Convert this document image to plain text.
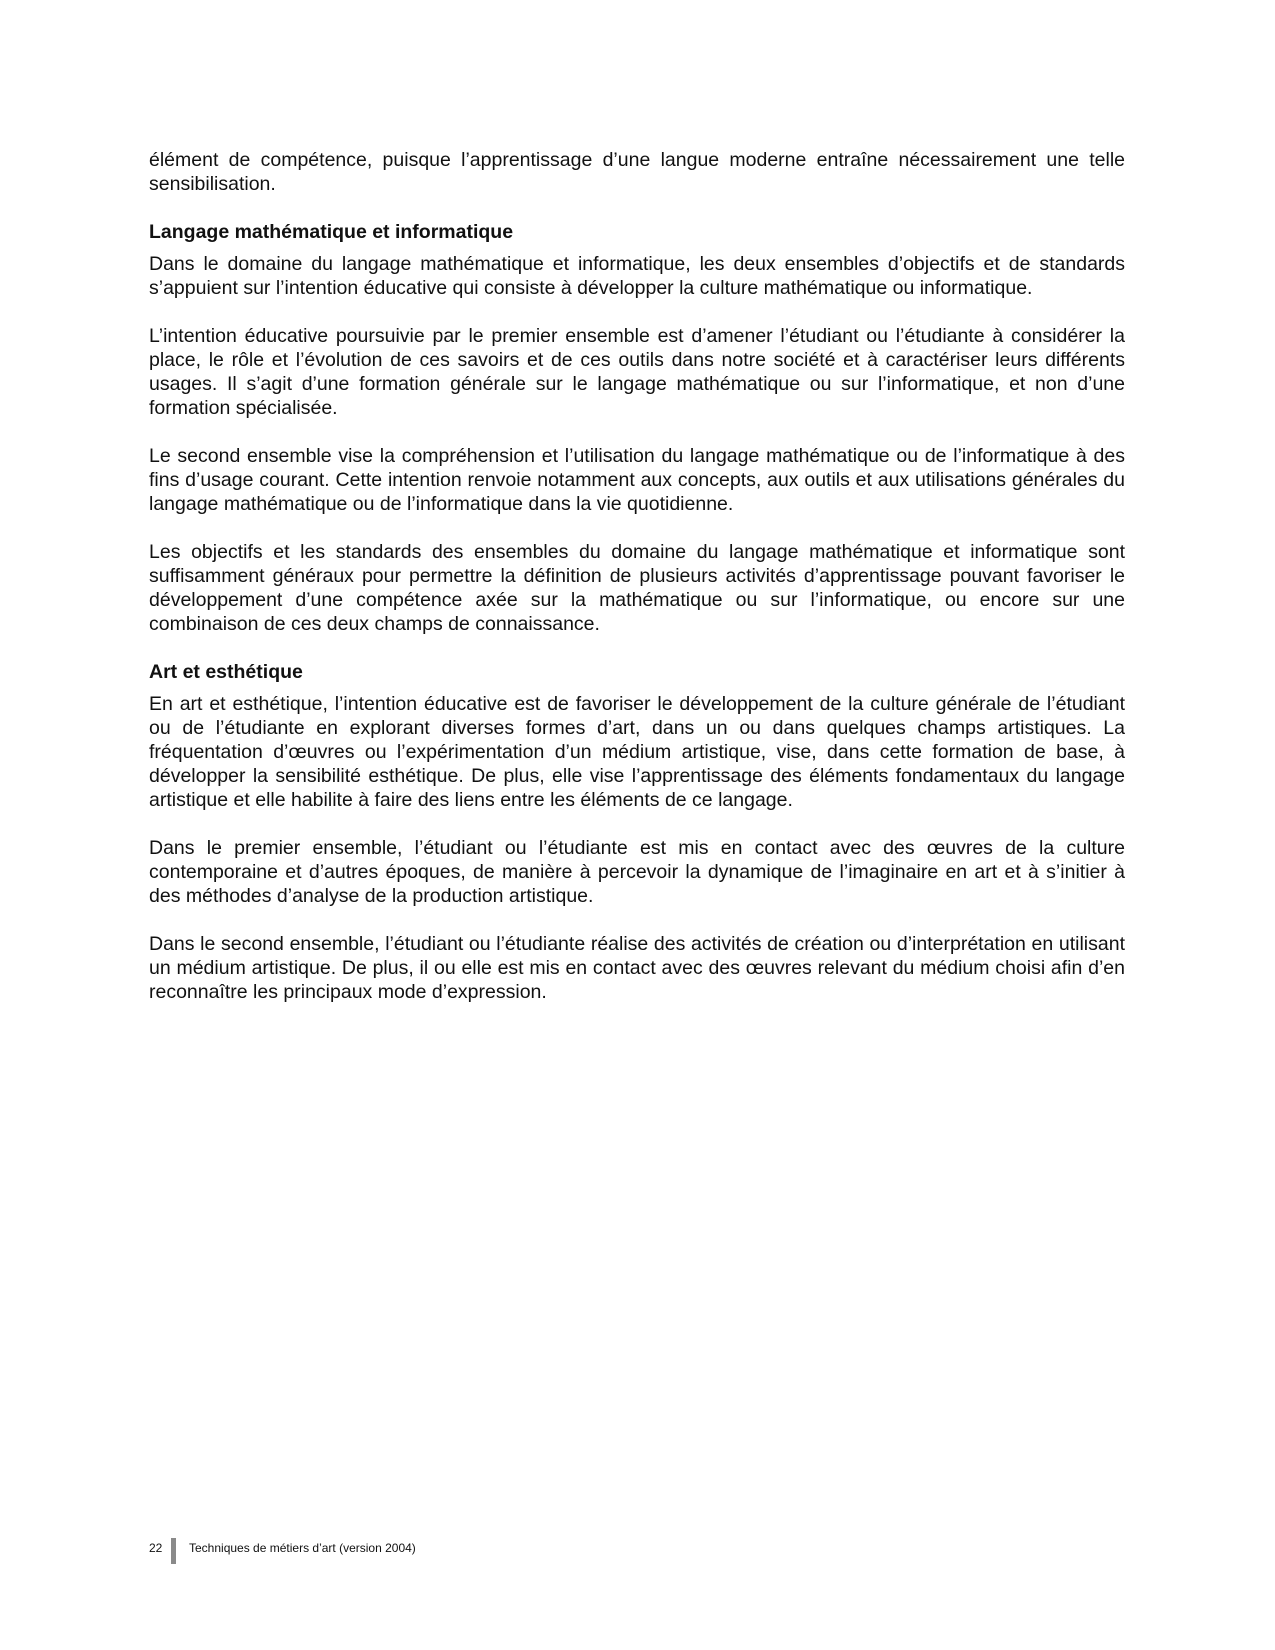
élément de compétence, puisque l’apprentissage d’une langue moderne entraîne nécessairement une telle sensibilisation.

Langage mathématique et informatique

Dans le domaine du langage mathématique et informatique, les deux ensembles d’objectifs et de standards s’appuient sur l’intention éducative qui consiste à développer la culture mathématique ou informatique.

L’intention éducative poursuivie par le premier ensemble est d’amener l’étudiant ou l’étudiante à considérer la place, le rôle et l’évolution de ces savoirs et de ces outils dans notre société et à caractériser leurs différents usages. Il s’agit d’une formation générale sur le langage mathématique ou sur l’informatique, et non d’une formation spécialisée.

Le second ensemble vise la compréhension et l’utilisation du langage mathématique ou de l’informatique à des fins d’usage courant. Cette intention renvoie notamment aux concepts, aux outils et aux utilisations générales du langage mathématique ou de l’informatique dans la vie quotidienne.

Les objectifs et les standards des ensembles du domaine du langage mathématique et informatique sont suffisamment généraux pour permettre la définition de plusieurs activités d’apprentissage pouvant favoriser le développement d’une compétence axée sur la mathématique ou sur l’informatique, ou encore sur une combinaison de ces deux champs de connaissance.

Art et esthétique

En art et esthétique, l’intention éducative est de favoriser le développement de la culture générale de l’étudiant ou de l’étudiante en explorant diverses formes d’art, dans un ou dans quelques champs artistiques. La fréquentation d’œuvres ou l’expérimentation d’un médium artistique, vise, dans cette formation de base, à développer la sensibilité esthétique. De plus, elle vise l’apprentissage des éléments fondamentaux du langage artistique et elle habilite à faire des liens entre les éléments de ce langage.

Dans le premier ensemble, l’étudiant ou l’étudiante est mis en contact avec des œuvres de la culture contemporaine et d’autres époques, de manière à percevoir la dynamique de l’imaginaire en art et à s’initier à des méthodes d’analyse de la production artistique.

Dans le second ensemble, l’étudiant ou l’étudiante réalise des activités de création ou d’interprétation en utilisant un médium artistique. De plus, il ou elle est mis en contact avec des œuvres relevant du médium choisi afin d’en reconnaître les principaux mode d’expression.

22	Techniques de métiers d’art (version 2004)
